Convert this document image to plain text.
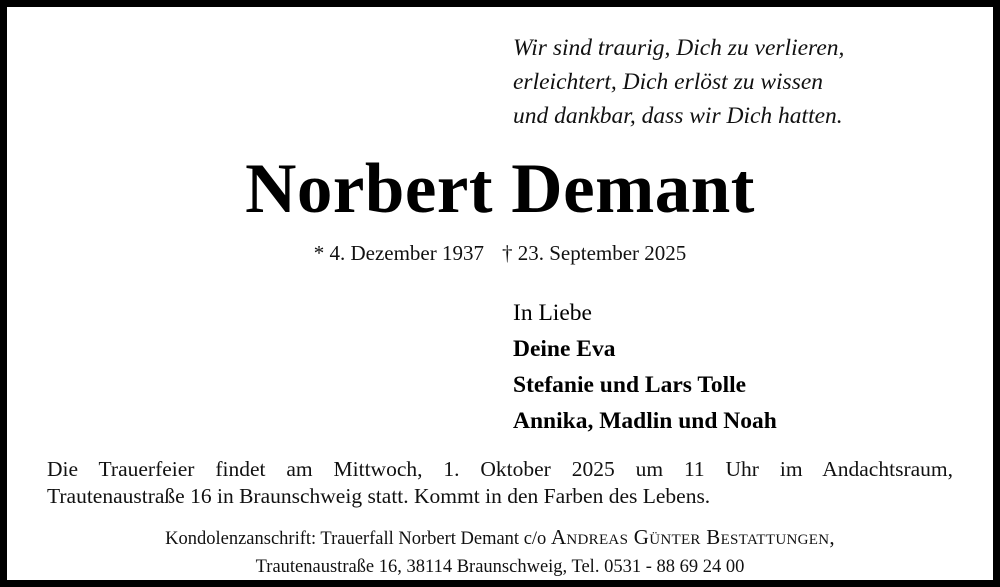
Wir sind traurig, Dich zu verlieren,
erleichtert, Dich erlöst zu wissen
und dankbar, dass wir Dich hatten.
Norbert Demant
* 4. Dezember 1937 † 23. September 2025
In Liebe
Deine Eva
Stefanie und Lars Tolle
Annika, Madlin und Noah
Die Trauerfeier findet am Mittwoch, 1. Oktober 2025 um 11 Uhr im Andachtsraum,
Trautenaustraße 16 in Braunschweig statt. Kommt in den Farben des Lebens.
Kondolenzanschrift: Trauerfall Norbert Demant c/o Andreas Günter Bestattungen,
Trautenaustraße 16, 38114 Braunschweig, Tel. 0531 - 88 69 24 00
